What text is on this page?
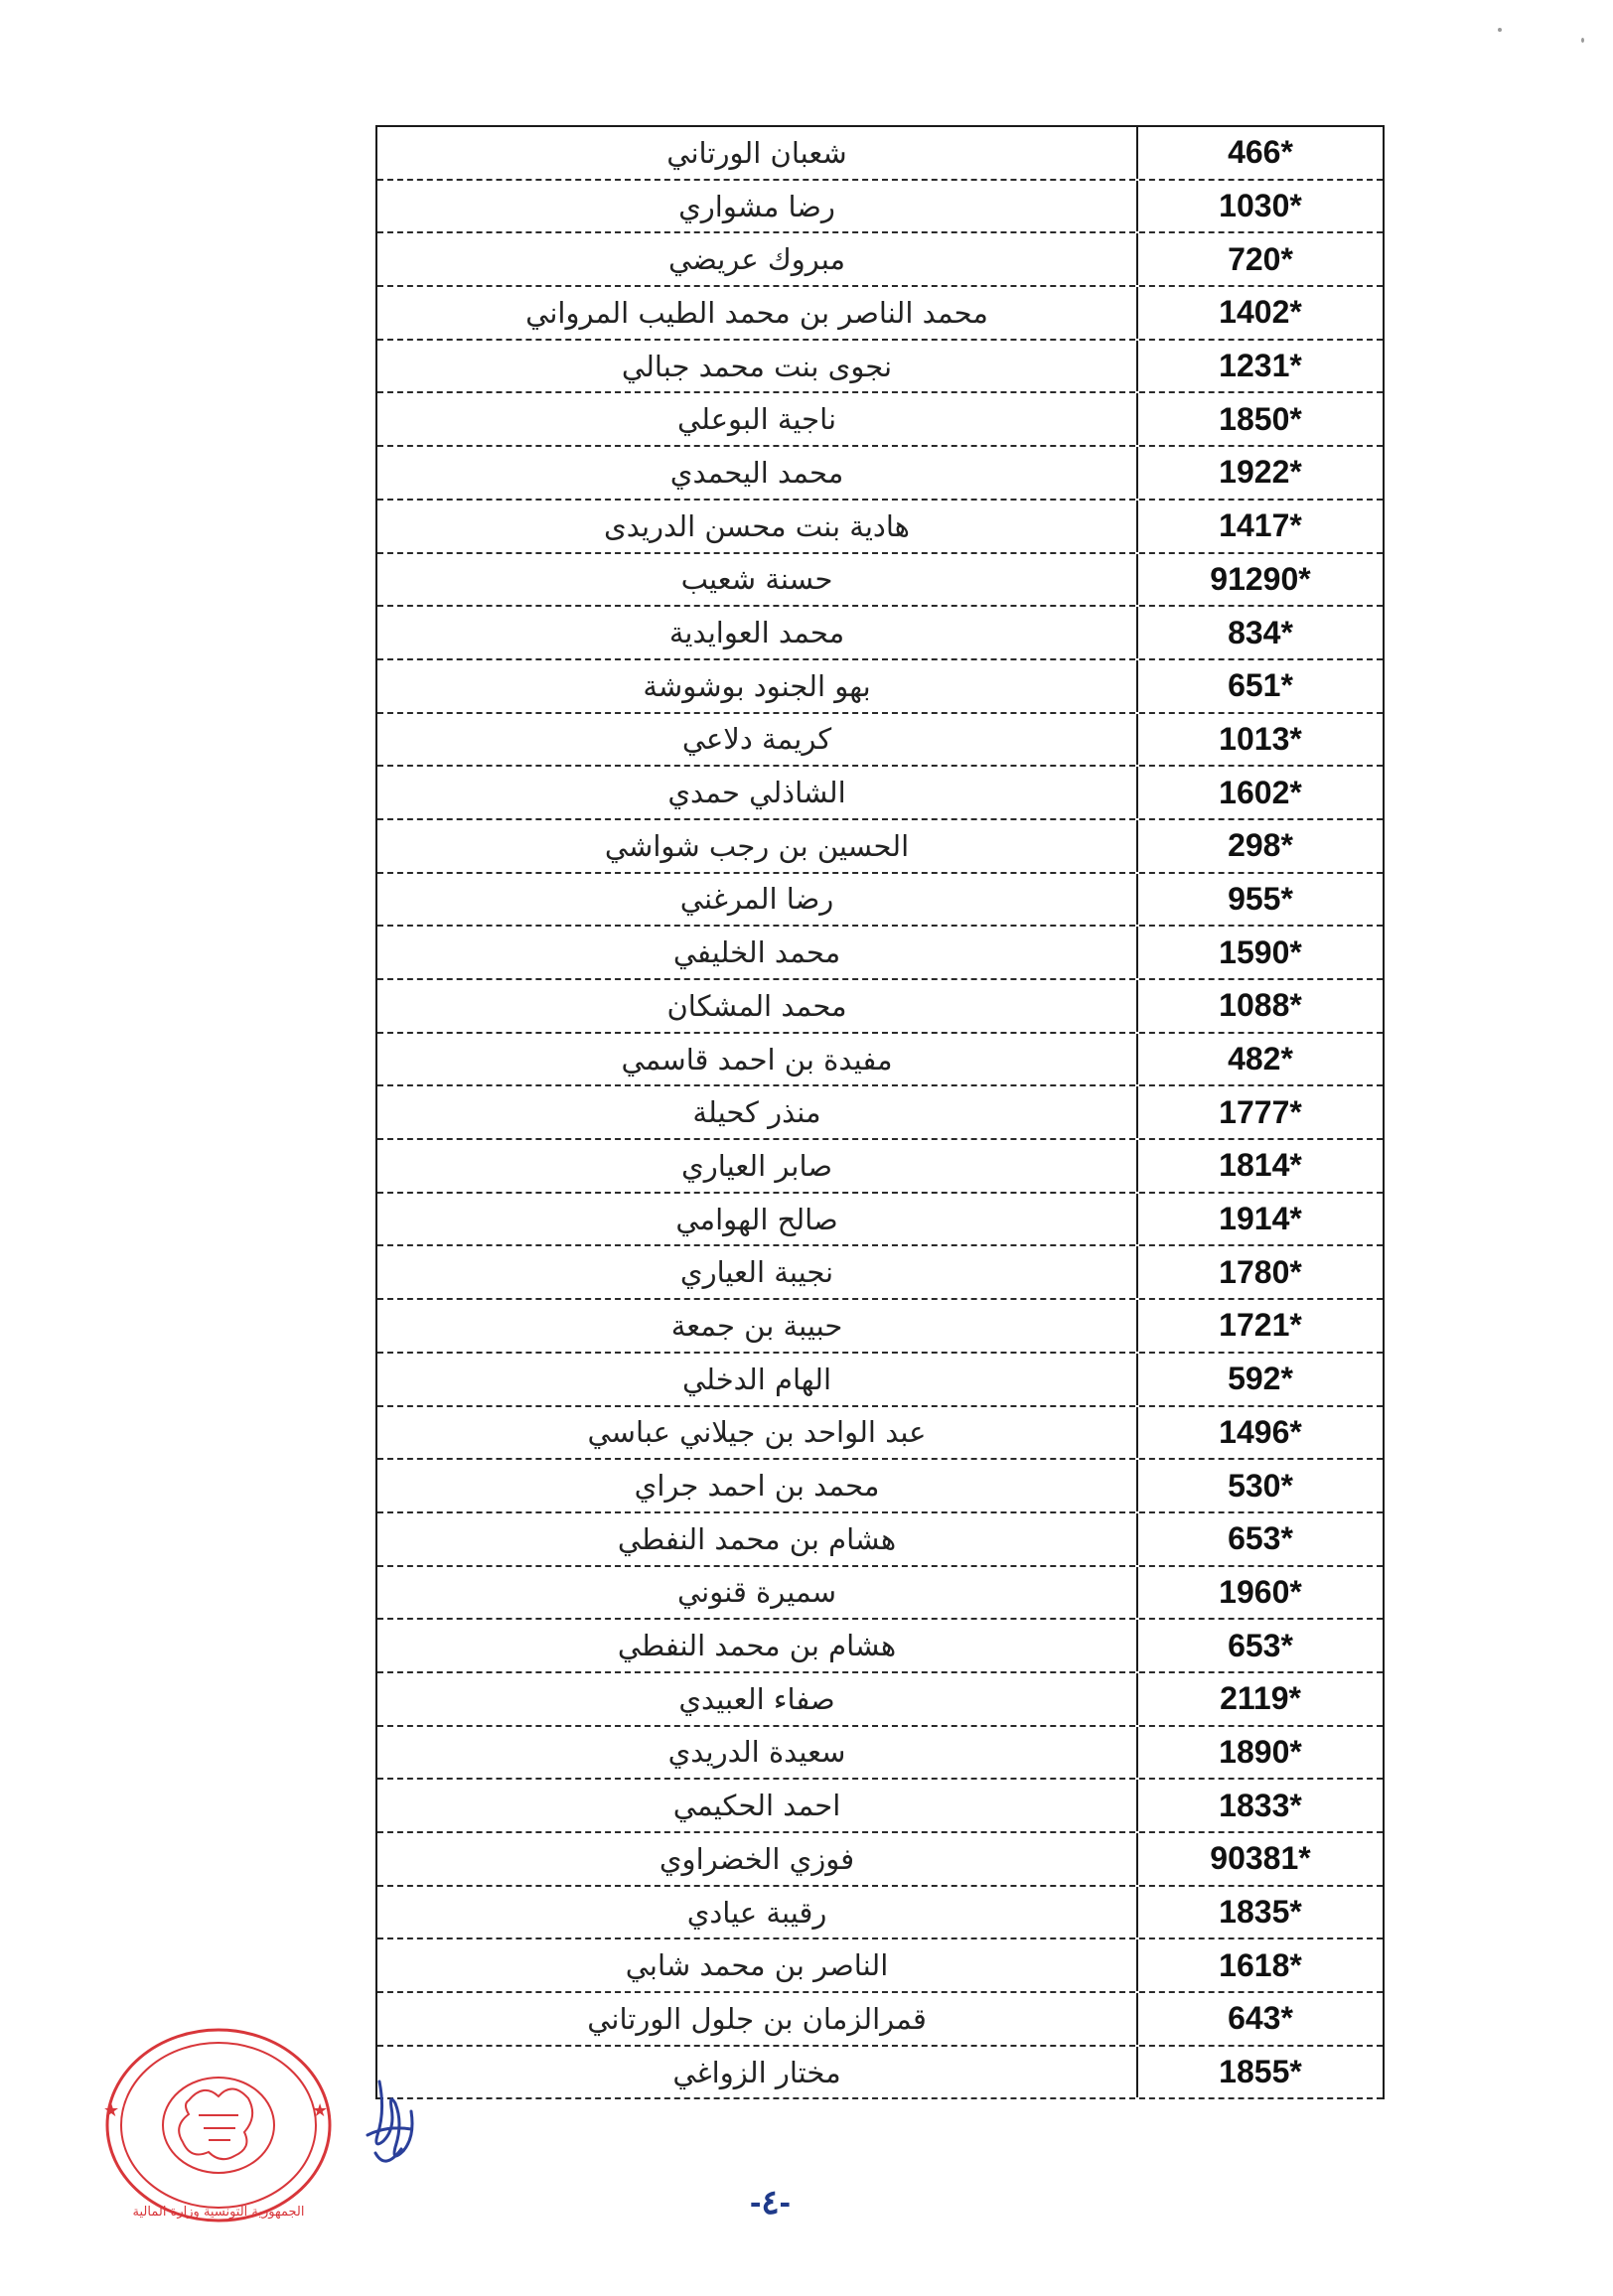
شعبان الورتاني	466*
رضا مشواري	1030*
مبروك عريضي	720*
محمد الناصر بن محمد الطيب المرواني	1402*
نجوى بنت محمد جبالي	1231*
ناجية البوعلي	1850*
محمد اليحمدي	1922*
هادية بنت محسن الدريدى	1417*
حسنة شعيب	91290*
محمد العوايدية	834*
بهو الجنود بوشوشة	651*
كريمة دلاعي	1013*
الشاذلي حمدي	1602*
الحسين بن رجب شواشي	298*
رضا المرغني	955*
محمد الخليفي	1590*
محمد المشكان	1088*
مفيدة بن احمد قاسمي	482*
منذر كحيلة	1777*
صابر العياري	1814*
صالح الهوامي	1914*
نجيبة العياري	1780*
حبيبة بن جمعة	1721*
الهام الدخلي	592*
عبد الواحد بن جيلاني عباسي	1496*
محمد بن احمد جراي	530*
هشام بن محمد النفطي	653*
سميرة قنوني	1960*
هشام بن محمد النفطي	653*
صفاء العبيدي	2119*
سعيدة الدريدي	1890*
احمد الحكيمي	1833*
فوزي الخضراوي	90381*
رقيبة عيادي	1835*
الناصر بن محمد شابي	1618*
قمرالزمان بن جلول الورتاني	643*
مختار الزواغي	1855*
★	★
الجمهورية التونسية وزارة المالية	-٤-
